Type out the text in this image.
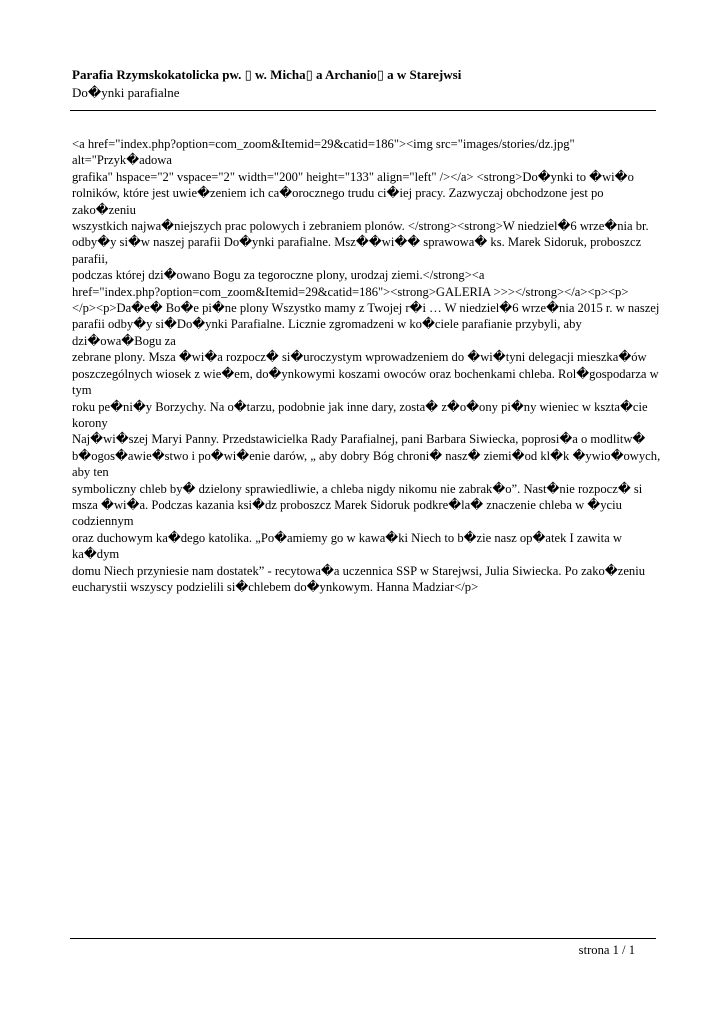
Parafia Rzymskokatolicka pw. ▯ w. Micha▯ a Archanio▯ a w Starejwsi

Do�ynki parafialne

<a href="index.php?option=com_zoom&Itemid=29&catid=186"><img src="images/stories/dz.jpg" alt="Przyk�adowa

grafika" hspace="2" vspace="2" width="200" height="133" align="left" /></a> <strong>Do�ynki to �wi�o

rolników, które jest uwie�zeniem ich ca�orocznego trudu ci�iej pracy. Zazwyczaj obchodzone jest po zako�zeniu

wszystkich najwa�niejszych prac polowych i zebraniem plonów. </strong><strong>W niedziel�6 wrze�nia br.

odby�y si�w naszej parafii Do�ynki parafialne. Msz��wi�� sprawowa� ks. Marek Sidoruk, proboszcz parafii,

podczas której dzi�owano Bogu za tegoroczne plony, urodzaj ziemi.</strong><a

href="index.php?option=com_zoom&Itemid=29&catid=186"><strong>GALERIA >>></strong></a><p><p>

</p><p>Da�e� Bo�e pi�ne plony Wszystko mamy z Twojej r�i … W niedziel�6 wrze�nia 2015 r. w naszej

parafii odby�y si�Do�ynki Parafialne. Licznie zgromadzeni w ko�ciele parafianie przybyli, aby dzi�owa�Bogu za

zebrane plony. Msza �wi�a rozpocz� si�uroczystym wprowadzeniem do �wi�tyni delegacji mieszka�ów

poszczególnych wiosek z wie�em, do�ynkowymi koszami owoców oraz bochenkami chleba. Rol�gospodarza w tym

roku pe�ni�y Borzychy. Na o�tarzu, podobnie jak inne dary, zosta� z�o�ony pi�ny wieniec w kszta�cie korony

Naj�wi�szej Maryi Panny. Przedstawicielka Rady Parafialnej, pani Barbara Siwiecka, poprosi�a o modlitw�

b�ogos�awie�stwo i po�wi�enie darów, „ aby dobry Bóg chroni� nasz� ziemi�od kl�k �ywio�owych, aby ten

symboliczny chleb by� dzielony sprawiedliwie, a chleba nigdy nikomu nie zabrak�o”. Nast�nie rozpocz� si

msza �wi�a. Podczas kazania ksi�dz proboszcz Marek Sidoruk podkre�la� znaczenie chleba w �yciu codziennym

oraz duchowym ka�dego katolika. „Po�amiemy go w kawa�ki Niech to b�zie nasz op�atek I zawita w ka�dym

domu Niech przyniesie nam dostatek” - recytowa�a uczennica SSP w Starejwsi, Julia Siwiecka. Po zako�zeniu

eucharystii wszyscy podzielili si�chlebem do�ynkowym. Hanna Madziar</p>

strona 1 / 1
